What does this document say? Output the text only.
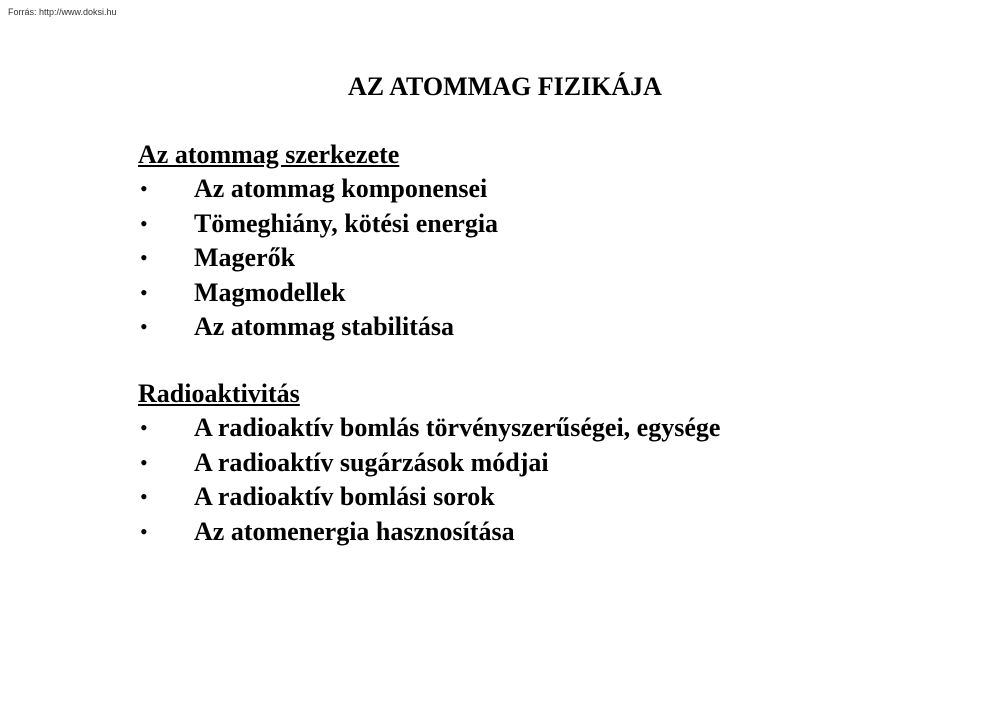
Forrás: http://www.doksi.hu
AZ ATOMMAG FIZIKÁJA
Az atommag szerkezete
• Az atommag komponensei
• Tömeghiány, kötési energia
• Magerők
• Magmodellek
• Az atommag stabilitása
Radioaktivitás
• A radioaktív bomlás törvényszerűségei, egysége
• A radioaktív sugárzások módjai
• A radioaktív bomlási sorok
• Az atomenergia hasznosítása
